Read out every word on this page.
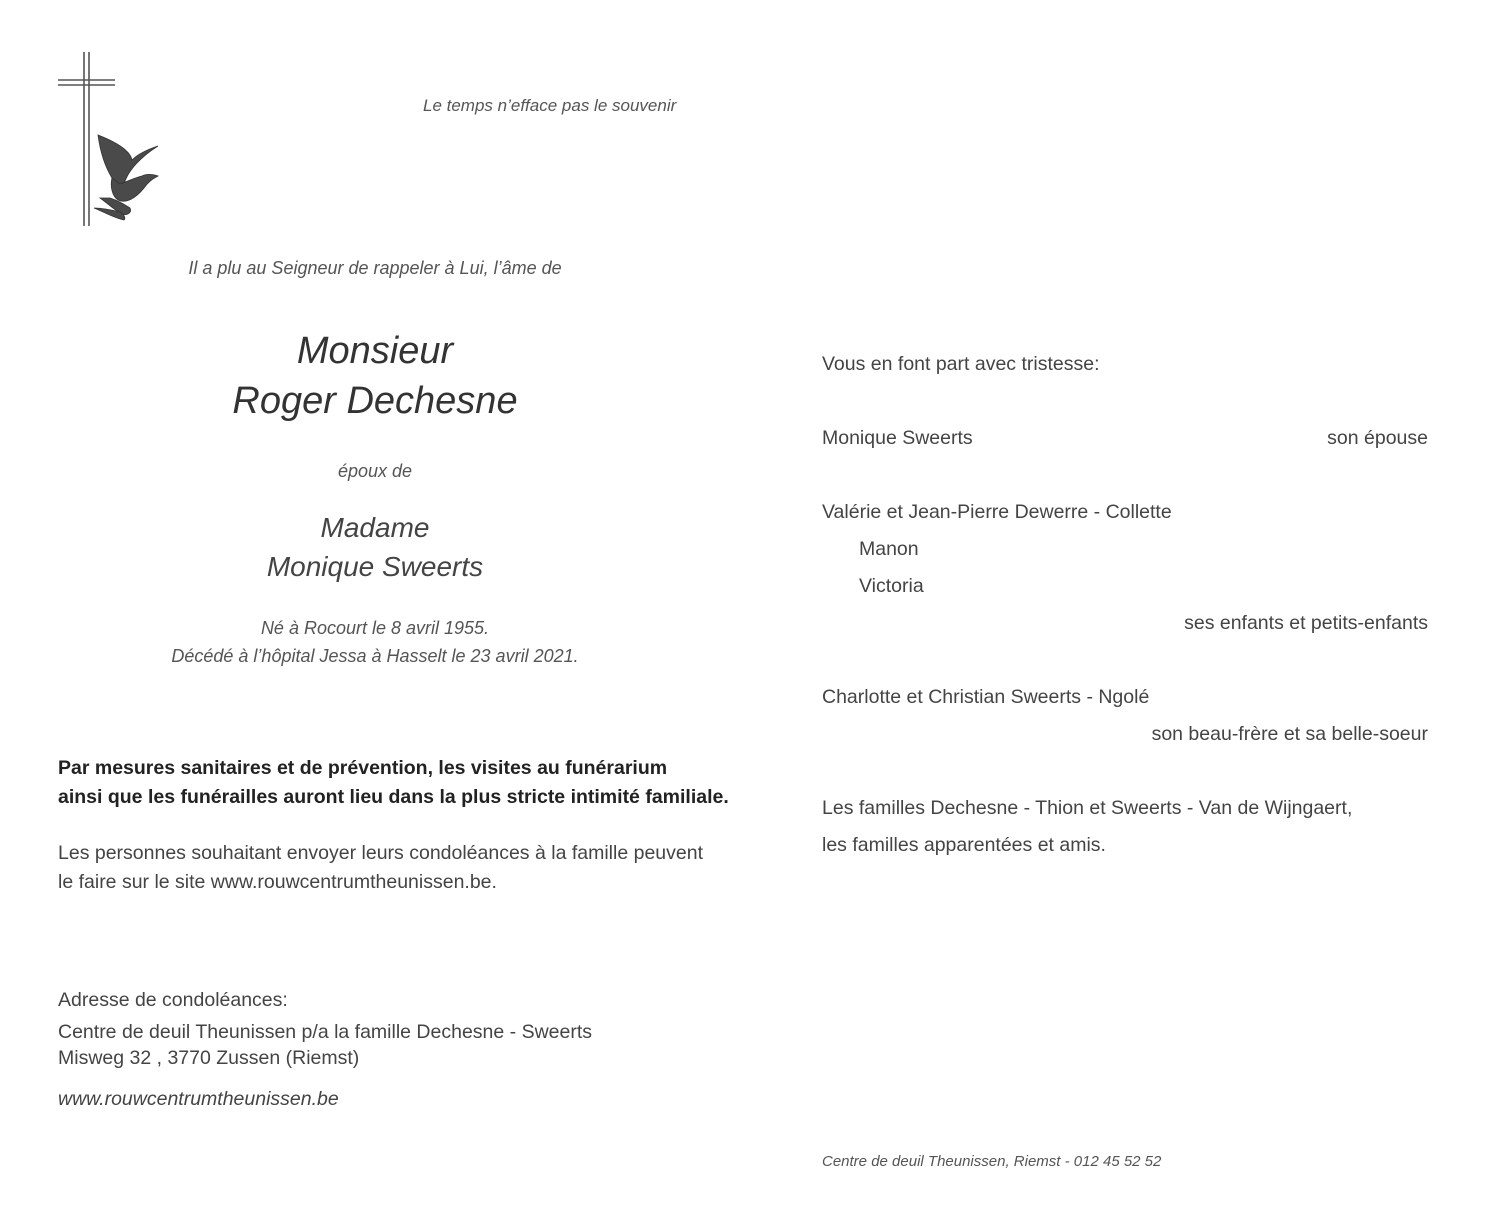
Le temps n’efface pas le souvenir
Il a plu au Seigneur de rappeler à Lui, l’âme de
Monsieur
Roger Dechesne
époux de
Madame
Monique Sweerts
Né à Rocourt le 8 avril 1955.
Décédé à l’hôpital Jessa à Hasselt le 23 avril 2021.
Par mesures sanitaires et de prévention, les visites au funérarium
ainsi que les funérailles auront lieu dans la plus stricte intimité familiale.
Les personnes souhaitant envoyer leurs condoléances à la famille peuvent
le faire sur le site www.rouwcentrumtheunissen.be.
Adresse de condoléances:
Centre de deuil Theunissen p/a la famille Dechesne - Sweerts
Misweg 32 , 3770 Zussen (Riemst)
www.rouwcentrumtheunissen.be
Vous en font part avec tristesse:
Monique Sweerts	son épouse
Valérie et Jean-Pierre Dewerre - Collette
Manon
Victoria
ses enfants et petits-enfants
Charlotte et Christian Sweerts - Ngolé
son beau-frère et sa belle-soeur
Les familles Dechesne - Thion et Sweerts - Van de Wijngaert,
les familles apparentées et amis.
Centre de deuil Theunissen, Riemst - 012 45 52 52
